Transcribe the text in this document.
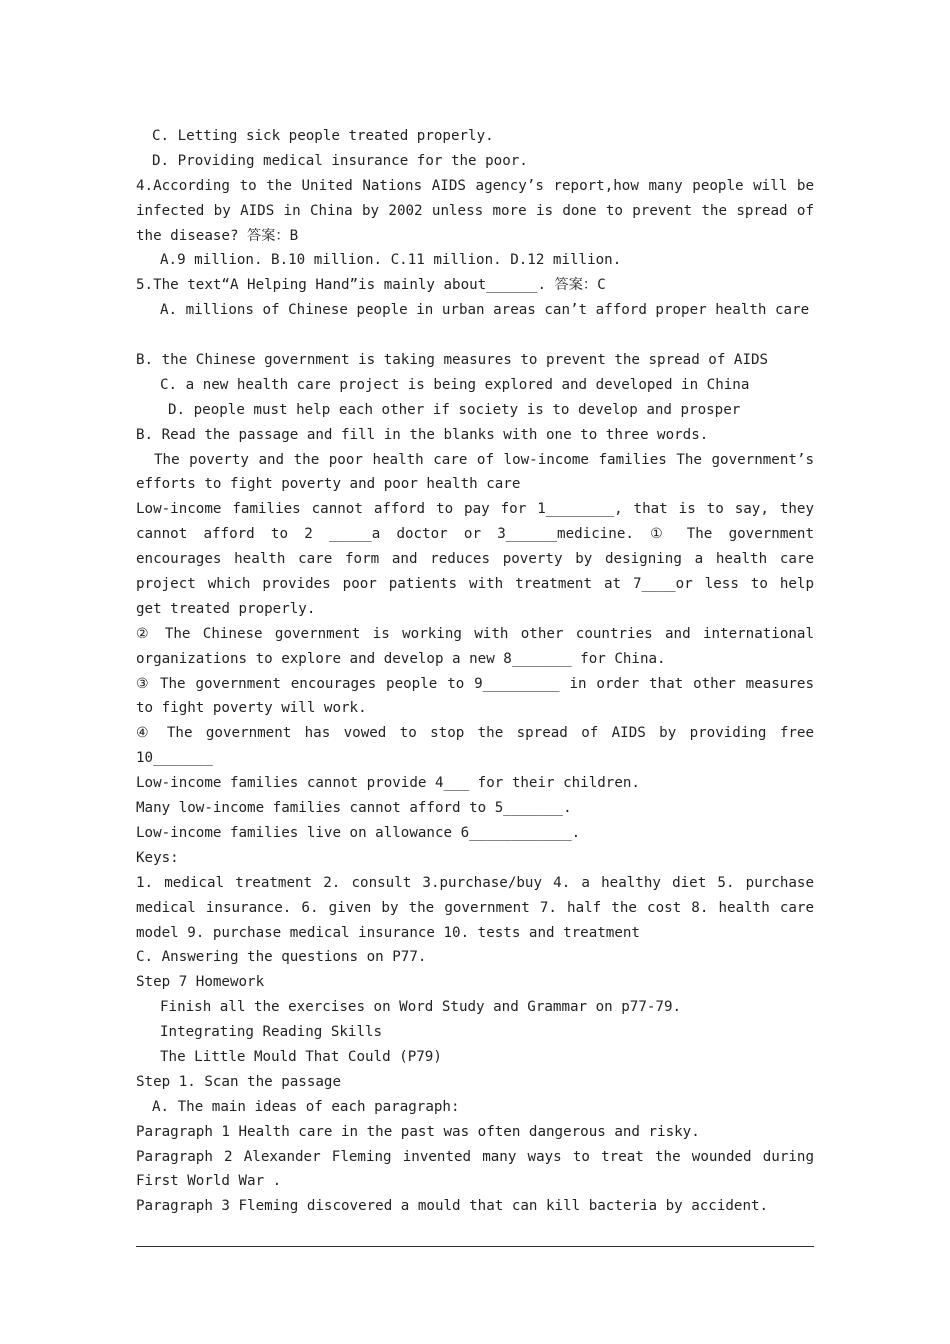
C. Letting sick people treated properly.
D. Providing medical insurance for the poor.
4.According to the United Nations AIDS agency’s report,how many people will be
infected by AIDS in China by 2002 unless more is done to prevent the spread of
the disease? 答案：B
A.9 million. B.10 million. C.11 million. D.12 million.
5.The text“A Helping Hand”is mainly about______. 答案：C
A. millions of Chinese people in urban areas can’t afford proper health care
B. the Chinese government is taking measures to prevent the spread of AIDS
C. a new health care project is being explored and developed in China
D. people must help each other if society is to develop and prosper
B. Read the passage and fill in the blanks with one to three words.
The poverty and the poor health care of low-income families The government’s
efforts to fight poverty and poor health care
Low-income families cannot afford to pay for 1________, that is to say, they
cannot afford to 2 _____a doctor or 3______medicine. ① The government
encourages health care form and reduces poverty by designing a health care
project which provides poor patients with treatment at 7____or less to help
get treated properly.
② The Chinese government is working with other countries and international
organizations to explore and develop a new 8_______ for China.
③ The government encourages people to 9_________ in order that other measures
to fight poverty will work.
④ The government has vowed to stop the spread of AIDS by providing free
10_______
Low-income families cannot provide 4___ for their children.
Many low-income families cannot afford to 5_______.
Low-income families live on allowance 6____________.
Keys:
1. medical treatment 2. consult 3.purchase/buy 4. a healthy diet 5. purchase
medical insurance. 6. given by the government 7. half the cost 8. health care
model 9. purchase medical insurance 10. tests and treatment
C. Answering the questions on P77.
Step 7 Homework
Finish all the exercises on Word Study and Grammar on p77-79.
Integrating Reading Skills
The Little Mould That Could (P79)
Step 1. Scan the passage
A. The main ideas of each paragraph:
Paragraph 1 Health care in the past was often dangerous and risky.
Paragraph 2 Alexander Fleming invented many ways to treat the wounded during
First World War .
Paragraph 3 Fleming discovered a mould that can kill bacteria by accident.
